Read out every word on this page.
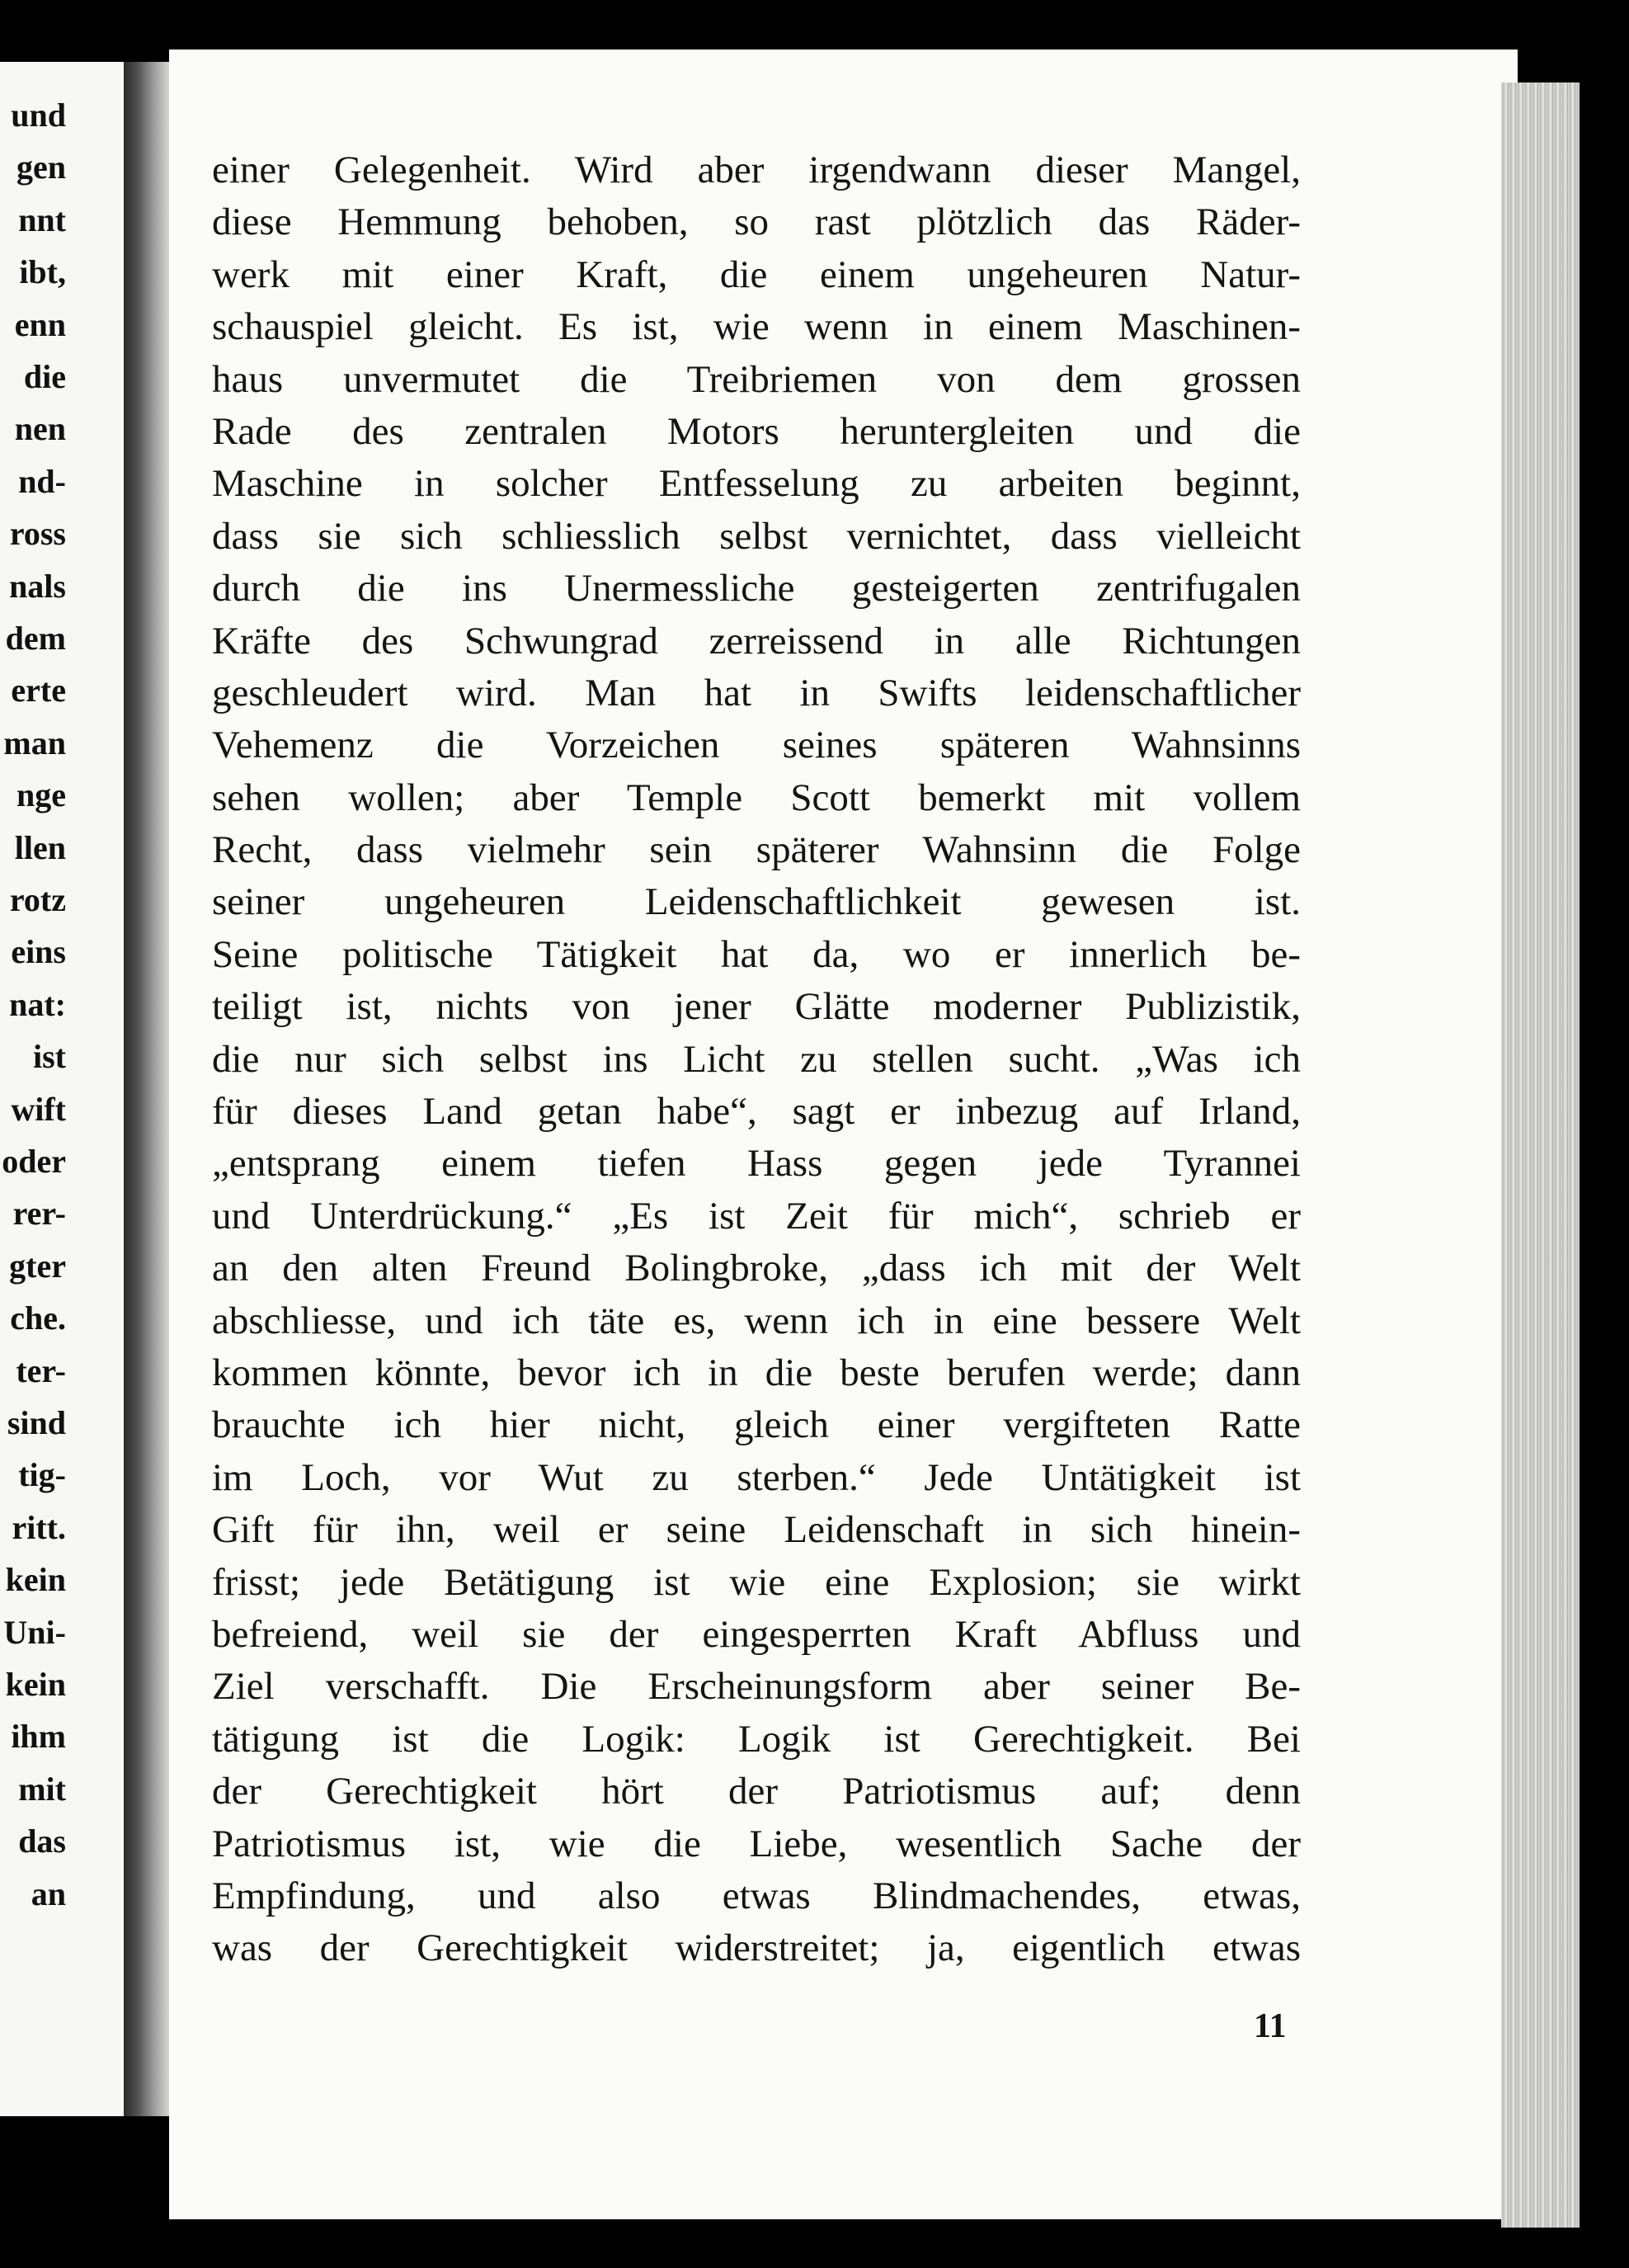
und
gen
nnt
ibt,
enn
die
nen
nd-
ross
nals
dem
erte
man
nge
llen
rotz
eins
nat:
ist
wift
oder
rer-
gter
che.
ter-
sind
tig-
ritt.
kein
Uni-
kein
ihm
mit
das
an
einer Gelegenheit. Wird aber irgendwann dieser Mangel,
diese Hemmung behoben, so rast plötzlich das Räder-
werk mit einer Kraft, die einem ungeheuren Natur-
schauspiel gleicht. Es ist, wie wenn in einem Maschinen-
haus unvermutet die Treibriemen von dem grossen
Rade des zentralen Motors heruntergleiten und die
Maschine in solcher Entfesselung zu arbeiten beginnt,
dass sie sich schliesslich selbst vernichtet, dass vielleicht
durch die ins Unermessliche gesteigerten zentrifugalen
Kräfte des Schwungrad zerreissend in alle Richtungen
geschleudert wird. Man hat in Swifts leidenschaftlicher
Vehemenz die Vorzeichen seines späteren Wahnsinns
sehen wollen; aber Temple Scott bemerkt mit vollem
Recht, dass vielmehr sein späterer Wahnsinn die Folge
seiner ungeheuren Leidenschaftlichkeit gewesen ist.
Seine politische Tätigkeit hat da, wo er innerlich be-
teiligt ist, nichts von jener Glätte moderner Publizistik,
die nur sich selbst ins Licht zu stellen sucht. „Was ich
für dieses Land getan habe“, sagt er inbezug auf Irland,
„entsprang einem tiefen Hass gegen jede Tyrannei
und Unterdrückung.“ „Es ist Zeit für mich“, schrieb er
an den alten Freund Bolingbroke, „dass ich mit der Welt
abschliesse, und ich täte es, wenn ich in eine bessere Welt
kommen könnte, bevor ich in die beste berufen werde; dann
brauchte ich hier nicht, gleich einer vergifteten Ratte
im Loch, vor Wut zu sterben.“ Jede Untätigkeit ist
Gift für ihn, weil er seine Leidenschaft in sich hinein-
frisst; jede Betätigung ist wie eine Explosion; sie wirkt
befreiend, weil sie der eingesperrten Kraft Abfluss und
Ziel verschafft. Die Erscheinungsform aber seiner Be-
tätigung ist die Logik: Logik ist Gerechtigkeit. Bei
der Gerechtigkeit hört der Patriotismus auf; denn
Patriotismus ist, wie die Liebe, wesentlich Sache der
Empfindung, und also etwas Blindmachendes, etwas,
was der Gerechtigkeit widerstreitet; ja, eigentlich etwas
11
